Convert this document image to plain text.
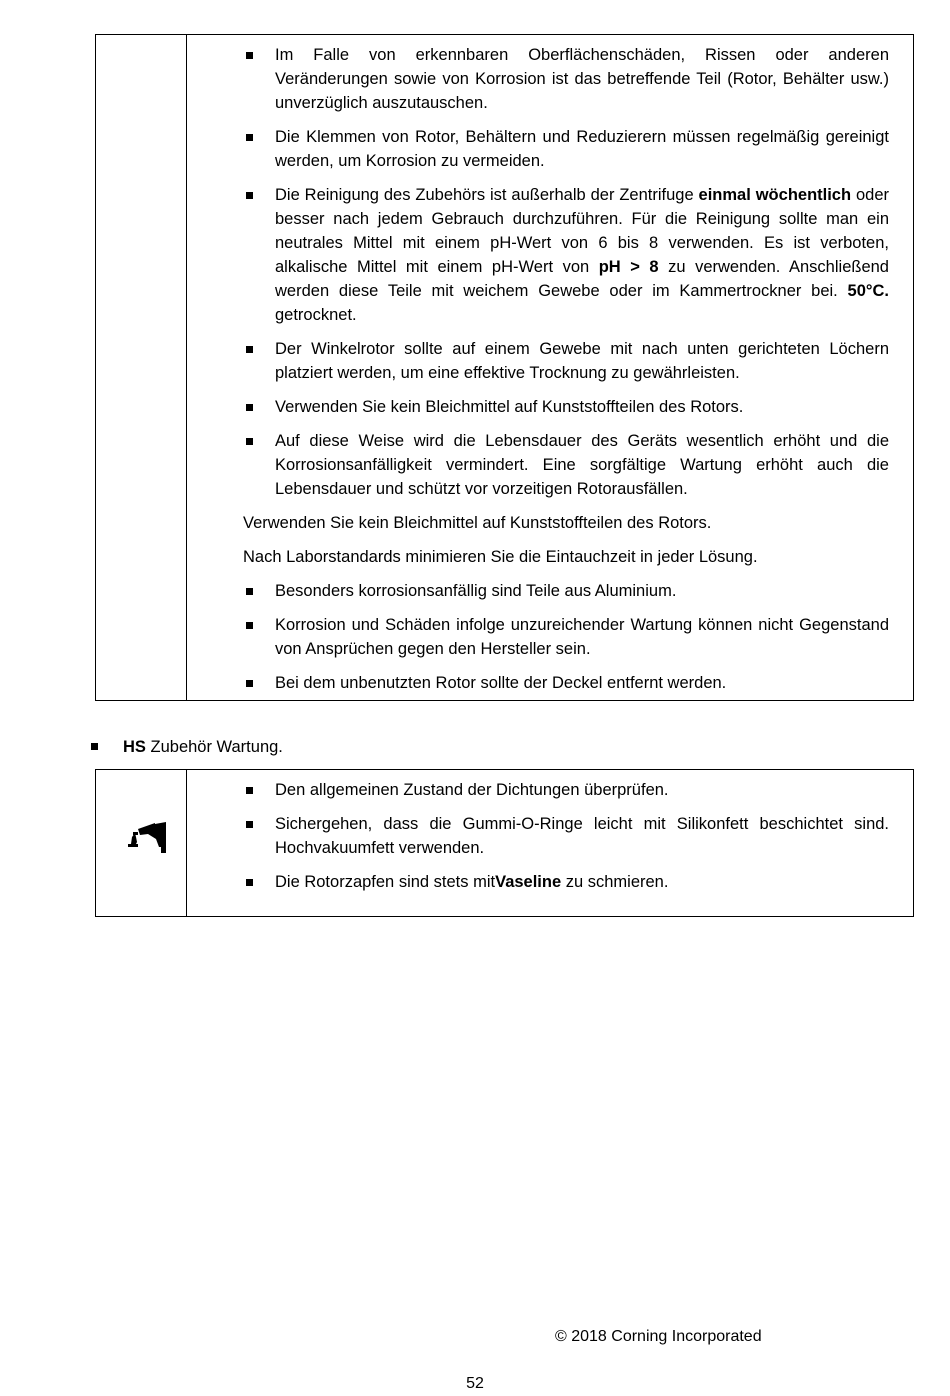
Im Falle von erkennbaren Oberflächenschäden, Rissen oder anderen Veränderungen sowie von Korrosion ist das betreffende Teil (Rotor, Behälter usw.) unverzüglich auszutauschen.

Die Klemmen von Rotor, Behältern und Reduzierern müssen regelmäßig gereinigt werden, um Korrosion zu vermeiden.

Die Reinigung des Zubehörs ist außerhalb der Zentrifuge einmal wöchentlich oder besser nach jedem Gebrauch durchzuführen. Für die Reinigung sollte man ein neutrales Mittel mit einem pH-Wert von 6 bis 8 verwenden. Es ist verboten, alkalische Mittel mit einem pH-Wert von pH > 8 zu verwenden. Anschließend werden diese Teile mit weichem Gewebe oder im Kammertrockner bei. 50°C. getrocknet.

Der Winkelrotor sollte auf einem Gewebe mit nach unten gerichteten Löchern platziert werden, um eine effektive Trocknung zu gewährleisten.

Verwenden Sie kein Bleichmittel auf Kunststoffteilen des Rotors.

Auf diese Weise wird die Lebensdauer des Geräts wesentlich erhöht und die Korrosionsanfälligkeit vermindert. Eine sorgfältige Wartung erhöht auch die Lebensdauer und schützt vor vorzeitigen Rotorausfällen.

Verwenden Sie kein Bleichmittel auf Kunststoffteilen des Rotors.

Nach Laborstandards minimieren Sie die Eintauchzeit in jeder Lösung.

Besonders korrosionsanfällig sind Teile aus Aluminium.

Korrosion und Schäden infolge unzureichender Wartung können nicht Gegenstand von Ansprüchen gegen den Hersteller sein.

Bei dem unbenutzten Rotor sollte der Deckel entfernt werden.

HS Zubehör Wartung.

Den allgemeinen Zustand der Dichtungen überprüfen.

Sichergehen, dass die Gummi-O-Ringe leicht mit Silikonfett beschichtet sind. Hochvakuumfett verwenden.

Die Rotorzapfen sind stets mitVaseline zu schmieren.

© 2018 Corning Incorporated
52
